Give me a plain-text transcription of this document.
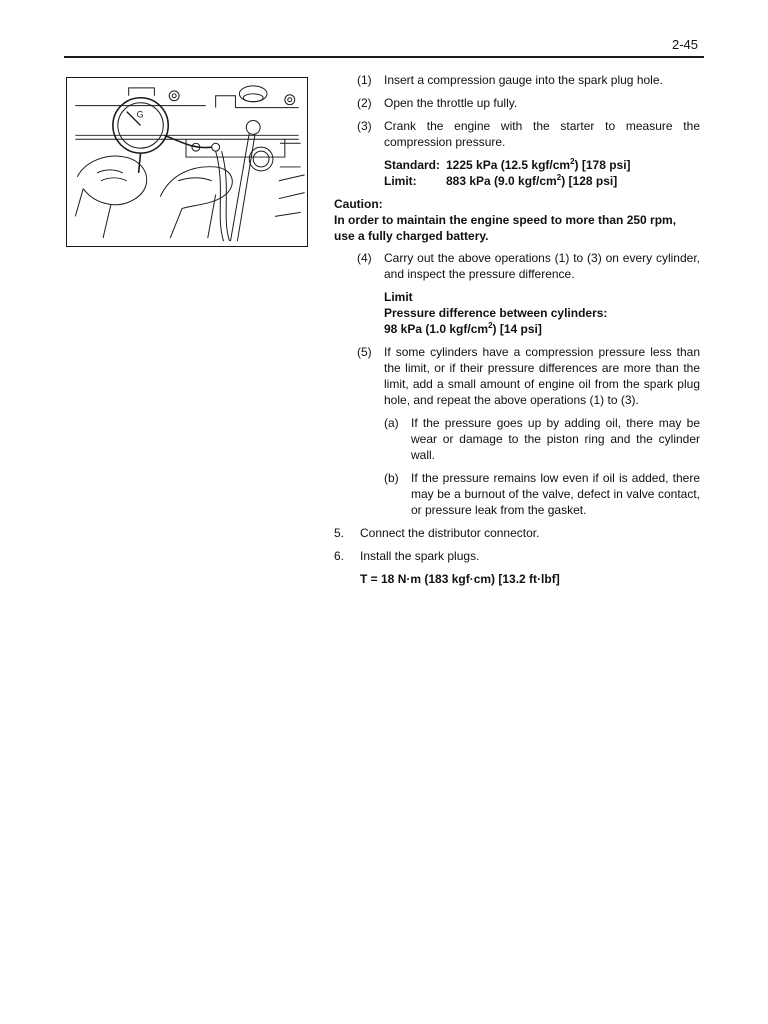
2-45
G
(1)	Insert a compression gauge into the spark plug hole.
(2)	Open the throttle up fully.
(3)	Crank the engine with the starter to measure the compression pressure.
Standard: 1225 kPa (12.5 kgf/$cm^2$) [178 psi]
Limit:	883 kPa (9.0 kgf/$cm^2$) [128 psi]
Caution:
In order to maintain the engine speed to more than 250 rpm, use a fully charged battery.
(4)	Carry out the above operations (1) to (3) on every cylinder, and inspect the pressure difference.
Limit
Pressure difference between cylinders:
98 kPa (1.0 kgf/$cm^2$) [14 psi]
(5)	If some cylinders have a compression pressure less than the limit, or if their pressure differences are more than the limit, add a small amount of engine oil from the spark plug hole, and repeat the above operations (1) to (3).
(a)	If the pressure goes up by adding oil, there may be wear or damage to the piston ring and the cylinder wall.
(b)	If the pressure remains low even if oil is added, there may be a burnout of the valve, defect in valve contact, or pressure leak from the gasket.
5.	Connect the distributor connector.
6.	Install the spark plugs.
T = 18 N·m (183 kgf·cm) [13.2 ft·lbf]
